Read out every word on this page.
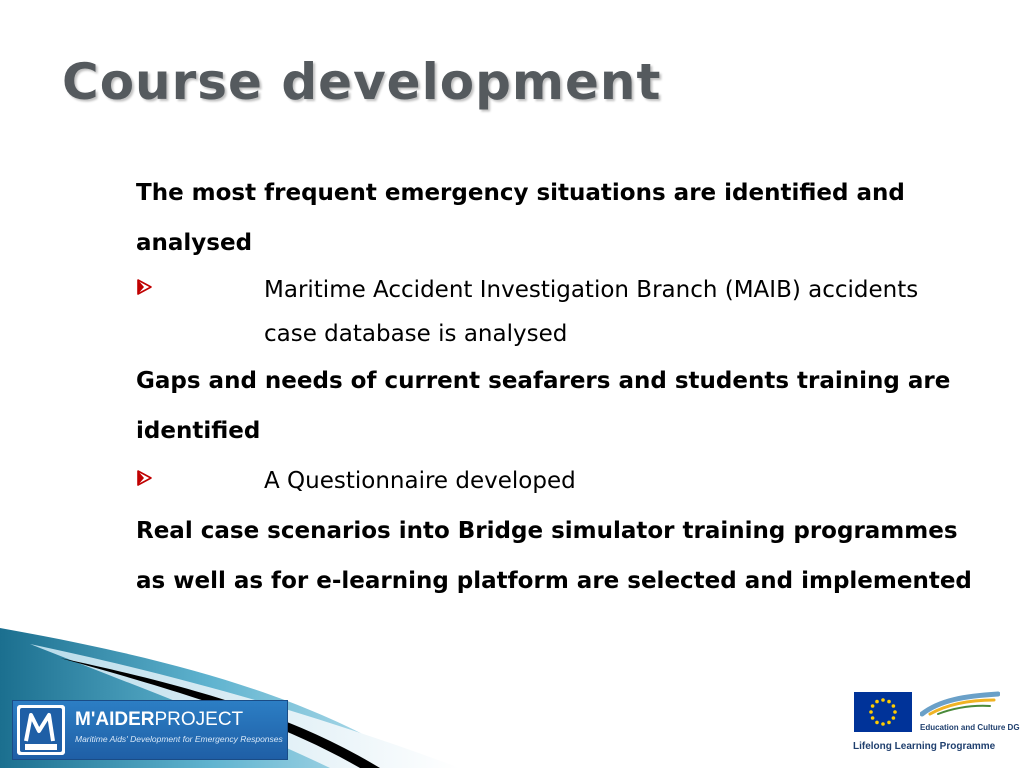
Course development

The most frequent emergency situations are identified and analysed

Maritime Accident Investigation Branch (MAIB) accidents case database is analysed

Gaps and needs of current seafarers and students training are identified

A Questionnaire developed

Real case scenarios into Bridge simulator training programmes as well as for e-learning platform are selected and implemented

M'AIDERPROJECT
Maritime Aids' Development for Emergency Responses
Education and Culture DG
Lifelong Learning Programme
